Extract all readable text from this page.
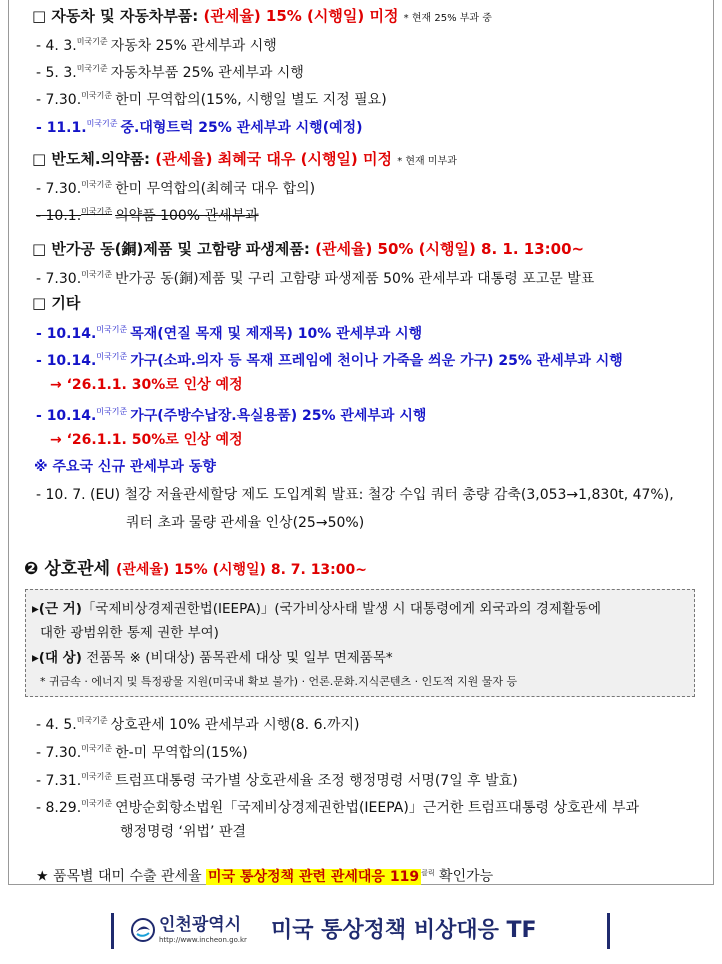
□ 자동차 및 자동차부품: (관세율) 15% (시행일) 미정 * 현재 25% 부과 중
- 4. 3.$^{미국기준}$ 자동차 25% 관세부과 시행
- 5. 3.$^{미국기준}$ 자동차부품 25% 관세부과 시행
- 7.30.$^{미국기준}$ 한미 무역합의(15%, 시행일 별도 지정 필요)
- 11.1.$^{미국기준}$ 중.대형트럭 25% 관세부과 시행(예정)
□ 반도체.의약품: (관세율) 최혜국 대우 (시행일) 미정 * 현재 미부과
- 7.30.$^{미국기준}$ 한미 무역합의(최혜국 대우 합의)
- 10.1.$^{미국기준}$ 의약품 100% 관세부과
□ 반가공 동(銅)제품 및 고함량 파생제품: (관세율) 50% (시행일) 8. 1. 13:00~
- 7.30.$^{미국기준}$ 반가공 동(銅)제품 및 구리 고함량 파생제품 50% 관세부과 대통령 포고문 발표
□ 기타
- 10.14.$^{미국기준}$ 목재(연질 목재 및 제재목) 10% 관세부과 시행
- 10.14.$^{미국기준}$ 가구(소파.의자 등 목재 프레임에 천이나 가죽을 씌운 가구) 25% 관세부과 시행
→ ‘26.1.1. 30%로 인상 예정
- 10.14.$^{미국기준}$ 가구(주방수납장.욕실용품) 25% 관세부과 시행
→ ‘26.1.1. 50%로 인상 예정
※ 주요국 신규 관세부과 동향
- 10. 7. (EU) 철강 저율관세할당 제도 도입계획 발표: 철강 수입 쿼터 총량 감축(3,053→1,830t, 47%),
쿼터 초과 물량 관세율 인상(25→50%)
❷ 상호관세 (관세율) 15% (시행일) 8. 7. 13:00~
▸(근 거)「국제비상경제권한법(IEEPA)」(국가비상사태 발생 시 대통령에게 외국과의 경제활동에
대한 광범위한 통제 권한 부여)
▸(대 상) 전품목 ※ (비대상) 품목관세 대상 및 일부 면제품목*
* 귀금속 · 에너지 및 특정광물 지원(미국내 확보 불가) · 언론.문화.지식콘텐츠 · 인도적 지원 물자 등
- 4. 5.$^{미국기준}$ 상호관세 10% 관세부과 시행(8. 6.까지)
- 7.30.$^{미국기준}$ 한-미 무역합의(15%)
- 7.31.$^{미국기준}$ 트럼프대통령 국가별 상호관세율 조정 행정명령 서명(7일 후 발효)
- 8.29.$^{미국기준}$ 연방순회항소법원「국제비상경제권한법(IEEPA)」근거한 트럼프대통령 상호관세 부과
행정명령 ‘위법’ 판결
★ 품목별 대미 수출 관세율 미국 통상정책 관련 관세대응 119 $^{클릭}$ 확인가능
인천광역시
http://www.incheon.go.kr 미국 통상정책 비상대응 TF
